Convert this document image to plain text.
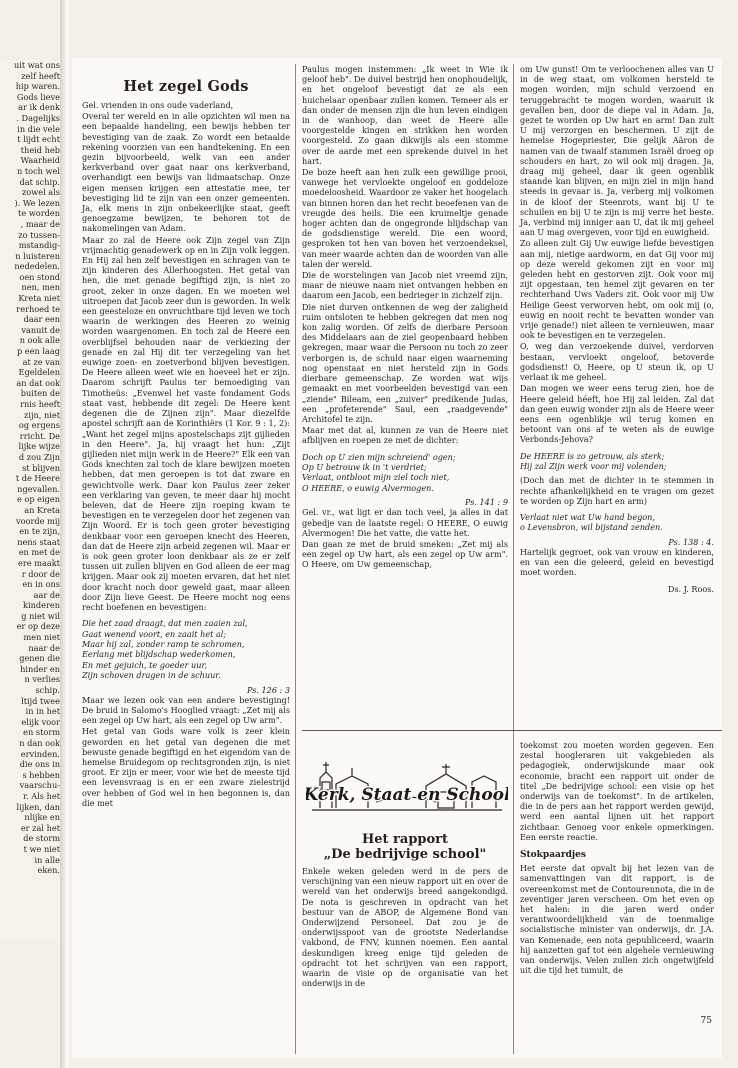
uit wat ons
zelf heeft
hip waren.
Gods lieve
ar ik denk
. Dagelijks
in die vele
t lijdt echt
theid heb
Waarheid
n toch wel
dat schip.
zowel als
). We lezen
te worden
, maar de
zo tussen-
mstandig-
n luisteren
nededelen.
oen stond
nen, men
Kreta niet
rerhoed te
daar een
vanuit de
n ook alle
p een laag
at ze van
Egeldelen
an dat ook
buiten de
rnis heeft
zijn, niet
og ergens
rricht. De
lijke wijze
d zou Zijn
st blijven
t de Heere
ngevallen.
e op eigen
an Kreta
voorde mij
en te zijn,
nens staat
en met de
ere maakt
r door de
en in ons
aar de
kinderen
g niet wil
er op deze
men niet
naar de
genen die
hinder en
n verlies
schip.
ltijd twee
in in het
elijk voor
en storm
n dan ook
ervinden.
die ons in
s hebben
vaarschu-
r. Als het
lijken, dan
nlijke en
er zal het
de storm
t we niet
in alle
eken.
Het zegel Gods

Gel. vrienden in ons oude vaderland,

Overal ter wereld en in alle opzichten wil men na een bepaalde handeling, een bewijs hebben ter bevestiging van de zaak. Zo wordt een betaalde rekening voorzien van een handtekening. En een gezin bijvoorbeeld, welk van een ander kerkverband over gaat naar ons kerkverband, overhandigt een bewijs van lidmaatschap. Onze eigen mensen krijgen een attestatie mee, ter bevestiging lid te zijn van een onzer gemeenten. Ja, elk mens in zijn onbekeerlijke staat, geeft genoegzame bewijzen, te behoren tot de nakomelingen van Adam.

Maar zo zal de Heere ook Zijn zegel van Zijn vrijmachtig genadewerk op en in Zijn volk leggen. En Hij zal hen zelf bevestigen en schragen van te zijn kinderen des Allerhoogsten. Het getal van hen, die met genade begiftigd zijn, is niet zo groot, zeker in onze dagen. En we moeten wel uitroepen dat Jacob zeer dun is geworden. In welk een geesteloze en onvruchtbare tijd leven we toch waarin de werkingen des Heeren zo weinig worden waargenomen. En toch zal de Heere een overblijfsel behouden naar de verkiezing der genade en zal Hij dit ter verzegeling van het euwige zoen- en zoetverbond blijven bevestigen. De Heere alleen weet wie en hoeveel het er zijn. Daarom schrijft Paulus ter bemoediging van Timotheüs: „Evenwel het vaste fondament Gods staat vast, hebbende dit zegel: De Heere kent degenen die de Zijnen zijn". Maar diezelfde apostel schrijft aan de Korinthiërs (1 Kor. 9 : 1, 2): „Want het zegel mijns apostelschaps zijt gijlieden in den Heere". Ja, hij vraagt het hun: „Zijt gijlieden niet mijn werk in de Heere?" Elk een van Gods knechten zal toch de klare bewijzen moeten hebben, dat men geroepen is tot dat zware en gewichtvolle werk. Daar kon Paulus zeer zeker een verklaring van geven, te meer daar hij mocht beleven, dat de Heere zijn roeping kwam te bevestigen en te verzegelen door het zegenen van Zijn Woord. Er is toch geen groter bevestiging denkbaar voor een geroepen knecht des Heeren, dan dat de Heere zijn arbeid zegenen wil. Maar er is ook geen groter loon denkbaar als ze er zelf tussen uit zullen blijven en God alleen de eer mag krijgen. Maar ook zij moeten ervaren, dat het niet door kracht noch door geweld gaat, maar alleen door Zijn lieve Geest. De Heere mocht nog eens recht boefenen en bevestigen:

Die het zaad draagt, dat men zaaien zal,
Gaat wenend voort, en zaait het al;
Maar hij zal, zonder ramp te schromen,
Eerlang met blijdschap wederkomen,
En met gejuich, te goeder uur,
Zijn schoven dragen in de schuur.
Ps. 126 : 3

Maar we lezen ook van een andere bevestiging! De bruid in Salomo's Hooglied vraagt: „Zet mij als een zegel op Uw hart, als een zegel op Uw arm".

Het getal van Gods ware volk is zeer klein geworden en het getal van degenen die met bewuste genade begiftigd en het eigendom van de hemelse Bruidegom op rechtsgronden zijn, is niet groot. Er zijn er meer, voor wie het de meeste tijd een levensvraag is en er een zware zielestrijd over hebben of God wel in hen begonnen is, dan die met

Paulus mogen instemmen: „Ik weet in Wie ik geloof heb". De duivel bestrijd hen onophoudelijk, en het ongeloof bevestigt dat ze als een huichelaar openbaar zullen komen. Temeer als er dan onder de mensen zijn die hun leven eindigen in de wanhoop, dan weet de Heere alle voorgestelde kingen en strikken hen worden voorgesteld. Zo gaan dikwijls als een stomme over de aarde met een sprekende duivel in het hart.

De boze heeft aan hen zulk een gewillige prooi, vanwege het vervloekte ongeloof en goddeloze moedeloosheid. Waardoor ze vaker het hoogelach van binnen horen dan het recht beoefenen van de vreugde des heils. Die een kruimeltje genade hoger achten dan de ongegronde blijdschap van de godsdienstige wereld. Die een woord, gesproken tot hen van boven het verzoendeksel, van meer waarde achten dan de woorden van alle talen der wereld.

Die de worstelingen van Jacob niet vreemd zijn, maar de nieuwe naam niet ontvangen hebben en daarom een Jacob, een bedrieger in zichzelf zijn.

Die niet durven ontkennen de weg der zaligheid ruim ontsloten te hebben gekregen dat men nog kon zalig worden. Of zelfs de dierbare Persoon des Middelaars aan de ziel geopenbaard hebben gekregen, maar waar die Persoon nu toch zo zeer verborgen is, de schuld naar eigen waarneming nog openstaat en niet hersteld zijn in Gods dierbare gemeenschap. Ze worden wat wijs gemaakt en met voorbeelden bevestigd van een „ziende" Bileam, een „zuiver" predikende Judas, een „profeterende" Saul, een „raadgevende" Architofel te zijn.

Maar met dat al, kunnen ze van de Heere niet afblijven en roepen ze met de dichter:

Doch op U zien mijn schreiend' ogen;
Op U betrouw ik in 't verdriet;
Verlaat, ontbloot mijn ziel toch niet,
O HEERE, o euwig Alvermogen.
Ps. 141 : 9

Gel. vr., wat ligt er dan toch veel, ja alles in dat gebedje van de laatste regel: O HEERE, O euwig Alvermogen! Die het vatte, die vatte het.

Dan gaan ze met de bruid smeken: „Zet mij als een zegel op Uw hart, als een zegel op Uw arm". O Heere, om Uw gemeenschap,

om Uw gunst! Om te verloochenen alles van U in de weg staat, om volkomen hersteld te mogen worden, mijn schuld verzoend en teruggebracht te mogen worden, waaruit ik gevallen ben, door de diepe val in Adam. Ja, gezet te worden op Uw hart en arm! Dan zult U mij verzorgen en beschermen. U zijt de hemelse Hogepriester, Die gelijk Aäron de namen van de twaalf stammen Israël droeg op schouders en hart, zo wil ook mij dragen. Ja, draag mij geheel, daar ik geen ogenblik staande kan blijven, en mijn ziel in mijn hand steeds in gevaar is. Ja, verberg mij volkomen in de kloof der Steenrots, want bij U te schuilen en bij U te zijn is mij verre het beste. Ja, verbind mij inniger aan U, dat ik mij geheel aan U mag overgeven, voor tijd en euwigheid.

Zo alleen zult Gij Uw euwige liefde bevestigen aan mij, nietige aardworm, en dat Gij voor mij op deze wereld gekomen zijt en voor mij geleden hebt en gestorven zijt. Ook voor mij zijt opgestaan, ten hemel zijt gevaren en ter rechterhand Uws Vaders zit. Ook voor mij Uw Heilige Geest verworven hebt, om ook mij (o, euwig en nooit recht te bevatten wonder van vrije genade!) niet alleen te vernieuwen, maar ook te bevestigen en te verzegelen.

O, weg dan verzoekende duivel, verdorven bestaan, vervloekt ongeloof, betoverde godsdienst! O, Heere, op U steun ik, op U verlaat ik me geheel.

Dan mogen we weer eens terug zien, hoe de Heere geleid héeft, hoe Hij zal leiden. Zal dat dan geen euwig wonder zijn als de Heere weer eens een ogenblikje wil terug komen en betoont van ons af te weten als de euwige Verbonds-Jehova?

De HEERE is zo getrouw, als sterk;
Hij zal Zijn werk voor mij volenden;

(Doch dan met de dichter in te stemmen in rechte afhankelijkheid en te vragen om gezet te worden op Zijn hart en arm)

Verlaat niet wat Uw hand begon,
o Levensbron, wil bijstand zenden.
Ps. 138 : 4.

Hartelijk gegroet, ook van vrouw en kinderen, en van een die geleerd, geleid en bevestigd moet worden.

Ds. J. Roos.
Kerk, Staat en School
Het rapport
„De bedrijvige school"

Enkele weken geleden werd in de pers de verschijning van een nieuw rapport uit en over de wereld van het onderwijs breed aangekondigd. De nota is geschreven in opdracht van het bestuur van de ABOP, de Algemene Bond van Onderwijzend Personeel. Dat zou je de onderwijsspoot van de grootste Nederlandse vakbond, de FNV, kunnen noemen. Een aantal deskundigen kreeg enige tijd geleden de opdracht tot het schrijven van een rapport, waarin de visie op de organisatie van het onderwijs in de

toekomst zou moeten worden gegeven. Een zestal hoogleraren uit vakgebieden als pedagogiek, onderwijskunde maar ook economie, bracht een rapport uit onder de titel „De bedrijvige school: een visie op het onderwijs van de toekomst". In de artikelen, die in de pers aan het rapport werden gewijd, werd een aantal lijnen uit het rapport zichtbaar. Genoeg voor enkele opmerkingen. Een eerste reactie.

Stokpaardjes

Het eerste dat opvalt bij het lezen van de samenvattingen van dit rapport, is de overeenkomst met de Contourennota, die in de zeventiger jaren verscheen. Om het even op het halen: in die jaren werd onder verantwoordelijkheid van de toenmalige socialistische minister van onderwijs, dr. J.A. van Kemenade, een nota gepubliceerd, waarin hij aanzetten gaf tot een algehele vernieuwing van onderwijs. Velen zullen zich ongetwijfeld uit die tijd het tumult, de

75
